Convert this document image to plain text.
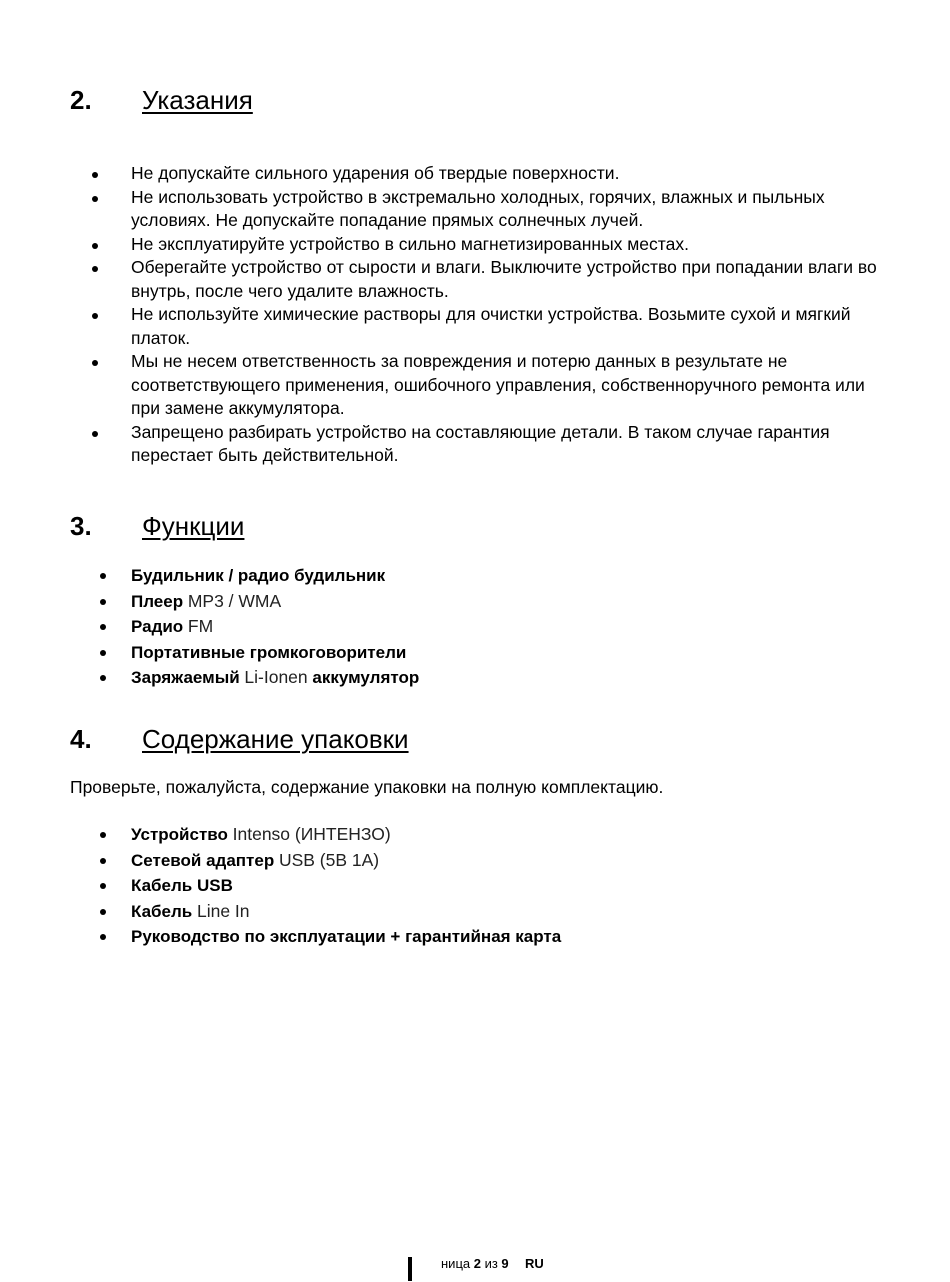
2. Указания
Не допускайте сильного ударения об твердые поверхности.
Не использовать устройство в экстремально холодных, горячих, влажных и пыльных условиях. Не допускайте попадание прямых солнечных лучей.
Не эксплуатируйте устройство в сильно магнетизированных местах.
Оберегайте устройство от сырости и влаги. Выключите устройство при попадании влаги во внутрь, после чего удалите влажность.
Не используйте химические растворы для очистки устройства. Возьмите сухой и мягкий платок.
Мы не несем ответственность за повреждения и потерю данных в результате не соответствующего применения, ошибочного управления, собственноручного ремонта или при замене аккумулятора.
Запрещено разбирать устройство на составляющие детали. В таком случае гарантия перестает быть действительной.
3. Функции
Будильник / радио будильник
Плеер MP3 / WMA
Радио FM
Портативные громкоговорители
Заряжаемый Li-Ionen аккумулятор
4. Содержание упаковки

Проверьте, пожалуйста, содержание упаковки на полную комплектацию.

Устройство Intenso (ИНТЕНЗО)
Сетевой адаптер USB (5В 1А)
Кабель USB
Кабель Line In
Руководство по эксплуатации + гарантийная карта
ница 2 из 9 RU
